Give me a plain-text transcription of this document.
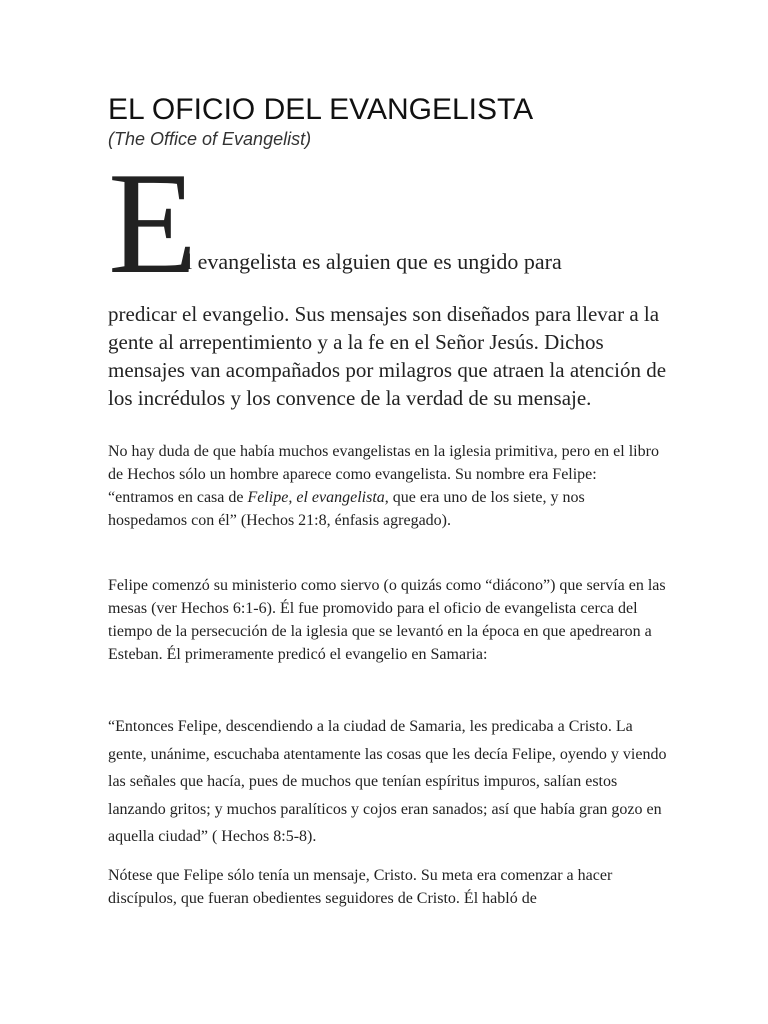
EL OFICIO DEL EVANGELISTA
(The Office of Evangelist)
E

l evangelista es alguien que es ungido para

predicar el evangelio. Sus mensajes son diseñados para llevar a la gente al arrepentimiento y a la fe en el Señor Jesús. Dichos mensajes van acompañados por milagros que atraen la atención de los incrédulos y los convence de la verdad de su mensaje.

No hay duda de que había muchos evangelistas en la iglesia primitiva, pero en el libro de Hechos sólo un hombre aparece como evangelista. Su nombre era Felipe: “entramos en casa de Felipe, el evangelista, que era uno de los siete, y nos hospedamos con él” (Hechos 21:8, énfasis agregado).

Felipe comenzó su ministerio como siervo (o quizás como “diácono”) que servía en las mesas (ver Hechos 6:1-6). Él fue promovido para el oficio de evangelista cerca del tiempo de la persecución de la iglesia que se levantó en la época en que apedrearon a Esteban. Él primeramente predicó el evangelio en Samaria:

“Entonces Felipe, descendiendo a la ciudad de Samaria, les predicaba a Cristo. La gente, unánime, escuchaba atentamente las cosas que les decía Felipe, oyendo y viendo las señales que hacía, pues de muchos que tenían espíritus impuros, salían estos lanzando gritos; y muchos paralíticos y cojos eran sanados; así que había gran gozo en aquella ciudad” ( Hechos 8:5-8).

Nótese que Felipe sólo tenía un mensaje, Cristo. Su meta era comenzar a hacer discípulos, que fueran obedientes seguidores de Cristo. Él habló de
